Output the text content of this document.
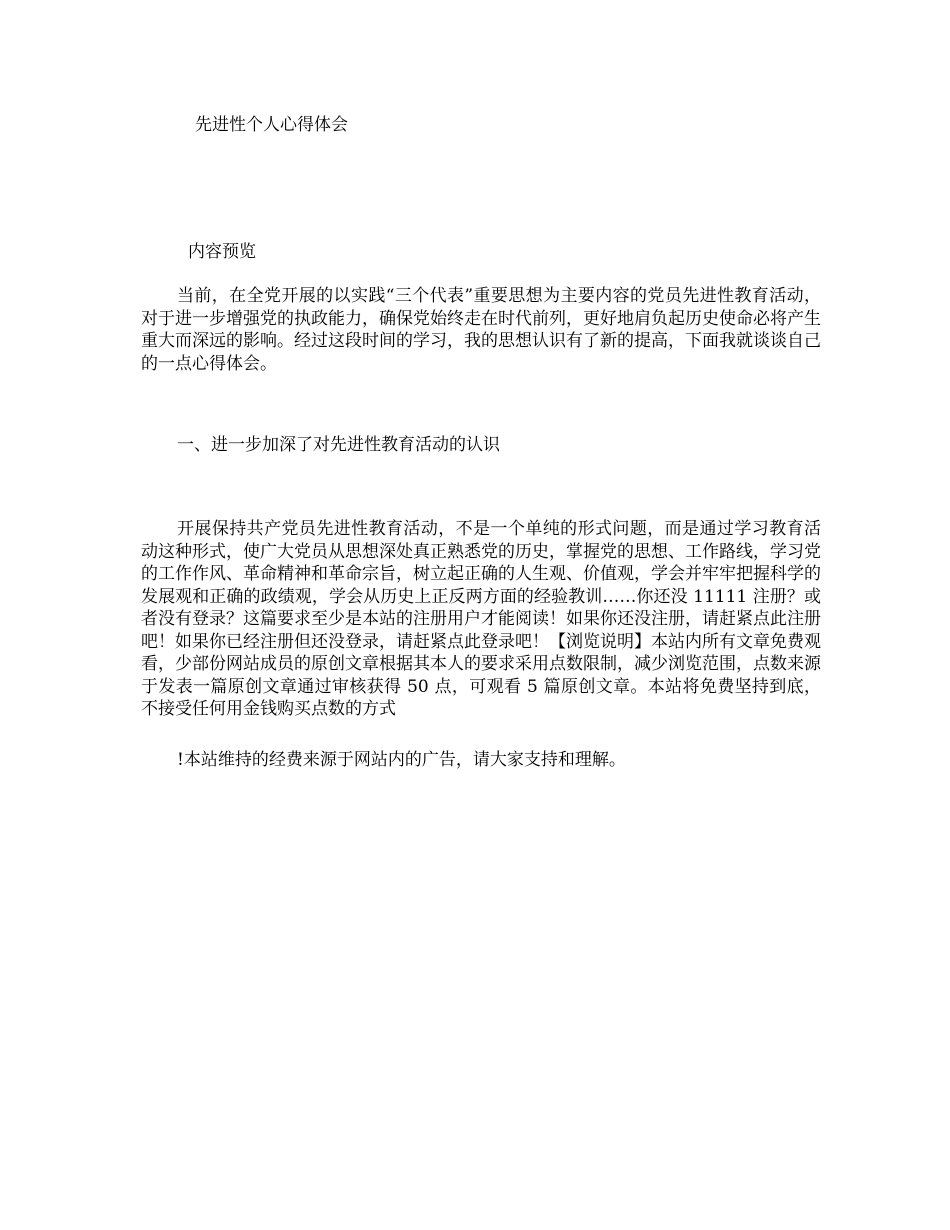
先进性个人心得体会
内容预览

当前，在全党开展的以实践“三个代表”重要思想为主要内容的党员先进性教育活动，对于进一步增强党的执政能力，确保党始终走在时代前列，更好地肩负起历史使命必将产生重大而深远的影响。经过这段时间的学习，我的思想认识有了新的提高，下面我就谈谈自己的一点心得体会。

一、进一步加深了对先进性教育活动的认识

开展保持共产党员先进性教育活动，不是一个单纯的形式问题，而是通过学习教育活动这种形式，使广大党员从思想深处真正熟悉党的历史，掌握党的思想、工作路线，学习党的工作作风、革命精神和革命宗旨，树立起正确的人生观、价值观，学会并牢牢把握科学的发展观和正确的政绩观，学会从历史上正反两方面的经验教训……你还没 11111 注册？或者没有登录？这篇要求至少是本站的注册用户才能阅读！如果你还没注册，请赶紧点此注册吧！如果你已经注册但还没登录，请赶紧点此登录吧！【浏览说明】本站内所有文章免费观看，少部份网站成员的原创文章根据其本人的要求采用点数限制，减少浏览范围，点数来源于发表一篇原创文章通过审核获得 50 点，可观看 5 篇原创文章。本站将免费坚持到底，不接受任何用金钱购买点数的方式

!本站维持的经费来源于网站内的广告，请大家支持和理解。
